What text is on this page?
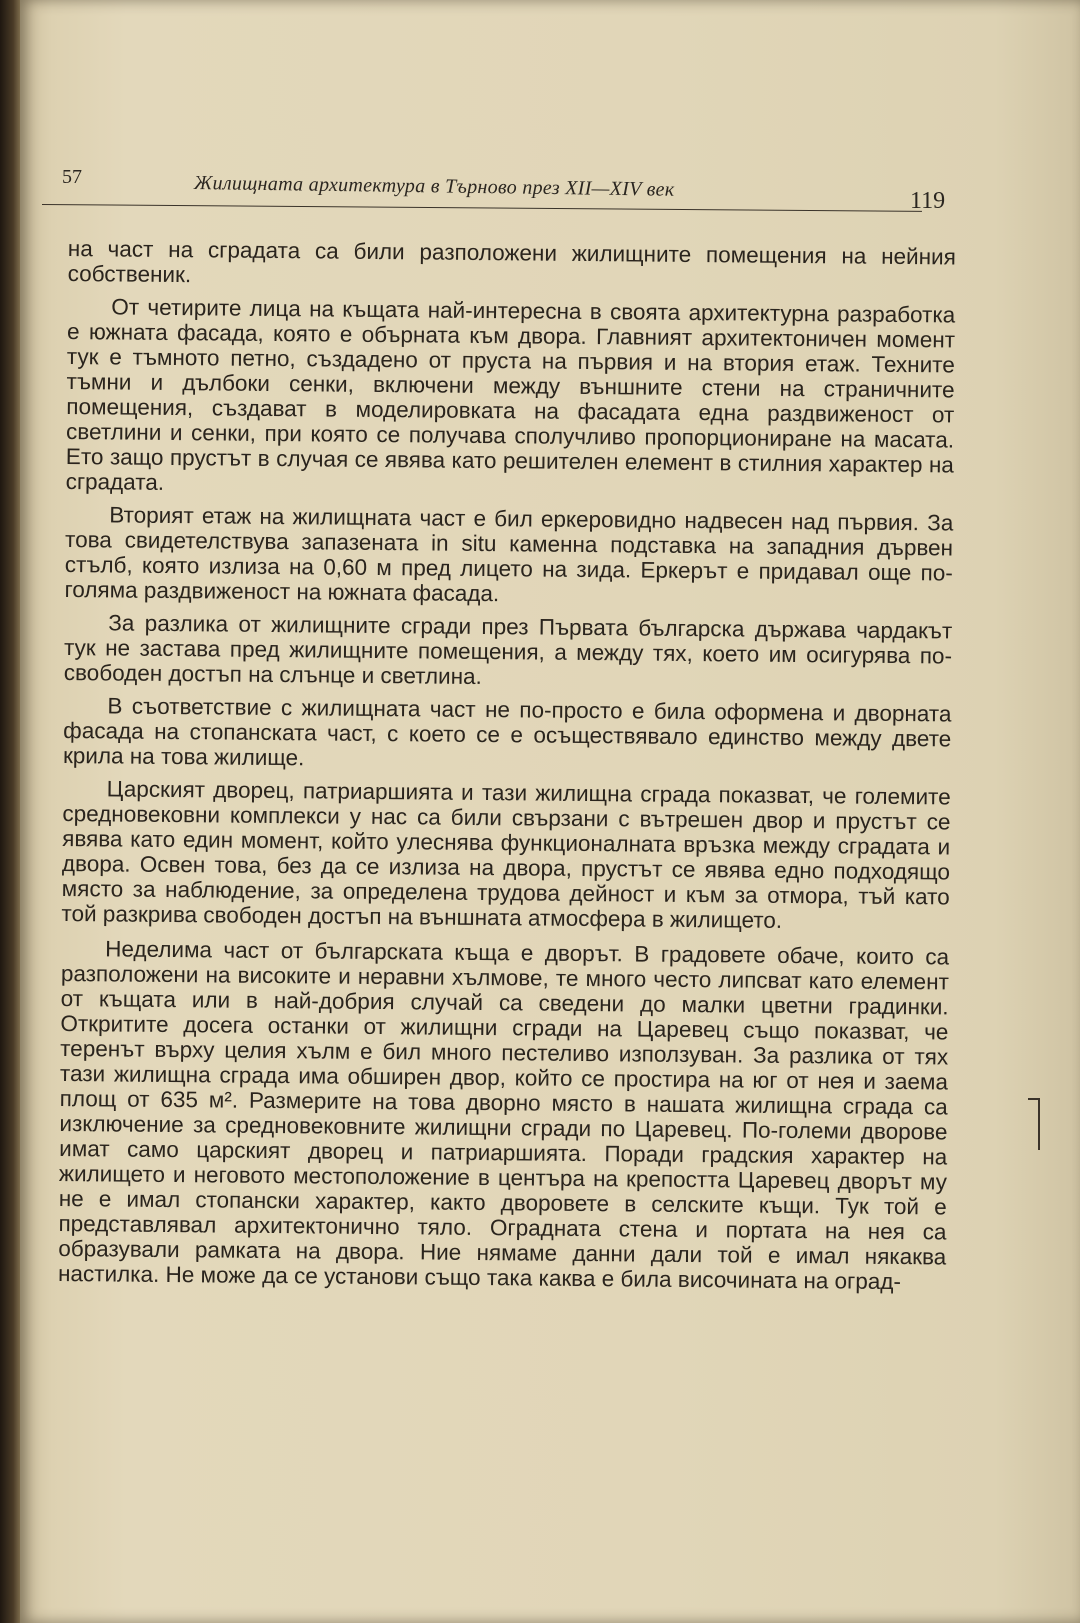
57	Жилищната архитектура в Търново през XII—XIV век
119

на част на сградата са били разположени жилищните помещения на нейния собственик.

От четирите лица на къщата най-интересна в своята архитектурна разработка е южната фасада, която е обърната към двора. Главният архитектоничен момент тук е тъмното петно, създадено от пруста на първия и на втория етаж. Техните тъмни и дълбоки сенки, включени между външните стени на страничните помещения, създават в моделировката на фасадата една раздвиженост от светлини и сенки, при която се получава сполучливо пропорциониране на масата. Ето защо прустът в случая се явява като решителен елемент в стилния характер на сградата.

Вторият етаж на жилищната част е бил еркеровидно надвесен над първия. За това свидетелствува запазената in situ каменна подставка на западния дървен стълб, която излиза на 0,60 м пред лицето на зида. Еркерът е придавал още по-голяма раздвиженост на южната фасада.

За разлика от жилищните сгради през Първата българска държава чардакът тук не застава пред жилищните помещения, а между тях, което им осигурява по-свободен достъп на слънце и светлина.

В съответствие с жилищната част не по-просто е била оформена и дворната фасада на стопанската част, с което се е осъществявало единство между двете крила на това жилище.

Царският дворец, патриаршията и тази жилищна сграда показват, че големите средновековни комплекси у нас са били свързани с вътрешен двор и прустът се явява като един момент, който улеснява функционалната връзка между сградата и двора. Освен това, без да се излиза на двора, прустът се явява едно подходящо място за наблюдение, за определена трудова дейност и към за отмора, тъй като той разкрива свободен достъп на външната атмосфера в жилището.

Неделима част от българската къща е дворът. В градовете обаче, които са разположени на високите и неравни хълмове, те много често липсват като елемент от къщата или в най-добрия случай са сведени до малки цветни градинки. Откритите досега останки от жилищни сгради на Царевец също показват, че теренът върху целия хълм е бил много пестеливо използуван. За разлика от тях тази жилищна сграда има обширен двор, който се простира на юг от нея и заема площ от 635 м². Размерите на това дворно място в нашата жилищна сграда са изключение за средновековните жилищни сгради по Царевец. По-големи дворове имат само царският дворец и патриаршията. Поради градския характер на жилището и неговото местоположение в центъра на крепостта Царевец дворът му не е имал стопански характер, както дворовете в селските къщи. Тук той е представлявал архитектонично тяло. Оградната стена и портата на нея са образували рамката на двора. Ние нямаме данни дали той е имал някаква настилка. Не може да се установи също така каква е била височината на оград-
